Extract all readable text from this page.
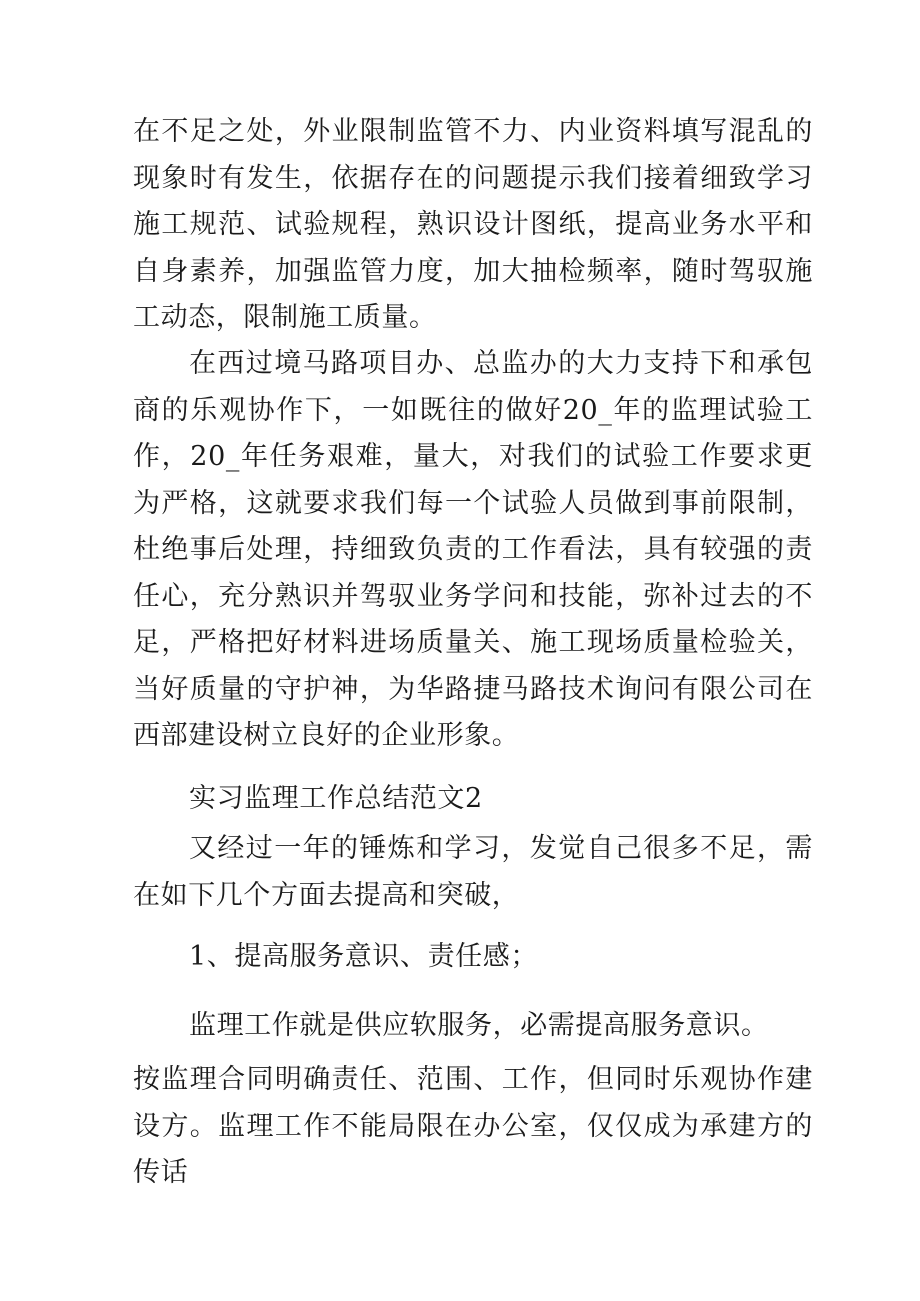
在不足之处，外业限制监管不力、内业资料填写混乱的现象时有发生，依据存在的问题提示我们接着细致学习施工规范、试验规程，熟识设计图纸，提高业务水平和自身素养，加强监管力度，加大抽检频率，随时驾驭施工动态，限制施工质量。

在西过境马路项目办、总监办的大力支持下和承包商的乐观协作下，一如既往的做好20_年的监理试验工作，20_年任务艰难，量大，对我们的试验工作要求更为严格，这就要求我们每一个试验人员做到事前限制，杜绝事后处理，持细致负责的工作看法，具有较强的责任心，充分熟识并驾驭业务学问和技能，弥补过去的不足，严格把好材料进场质量关、施工现场质量检验关，当好质量的守护神，为华路捷马路技术询问有限公司在西部建设树立良好的企业形象。

实习监理工作总结范文2

又经过一年的锤炼和学习，发觉自己很多不足，需在如下几个方面去提高和突破，

1、提高服务意识、责任感；

监理工作就是供应软服务，必需提高服务意识。

按监理合同明确责任、范围、工作，但同时乐观协作建设方。监理工作不能局限在办公室，仅仅成为承建方的传话
